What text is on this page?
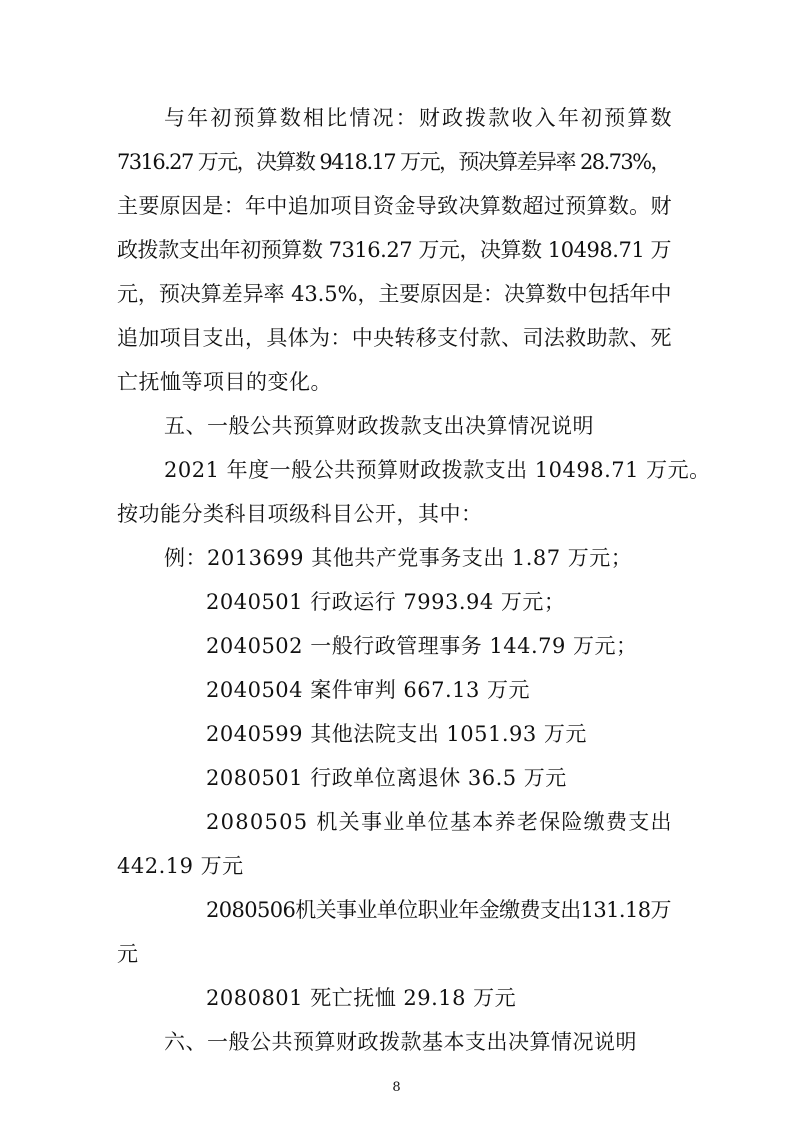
与年初预算数相比情况：财政拨款收入年初预算数
7316.27 万元，决算数 9418.17 万元，预决算差异率 28.73%，
主要原因是：年中追加项目资金导致决算数超过预算数。财
政拨款支出年初预算数 7316.27 万元，决算数 10498.71 万
元，预决算差异率 43.5%，主要原因是：决算数中包括年中
追加项目支出，具体为：中央转移支付款、司法救助款、死
亡抚恤等项目的变化。
五、一般公共预算财政拨款支出决算情况说明
2021 年度一般公共预算财政拨款支出 10498.71 万元。
按功能分类科目项级科目公开，其中：
例：2013699 其他共产党事务支出 1.87 万元；
2040501 行政运行 7993.94 万元；
2040502 一般行政管理事务 144.79 万元；
2040504 案件审判 667.13 万元
2040599 其他法院支出 1051.93 万元
2080501 行政单位离退休 36.5 万元
2080505 机关事业单位基本养老保险缴费支出
442.19 万元
2080506机关事业单位职业年金缴费支出131.18万
元
2080801 死亡抚恤 29.18 万元
六、一般公共预算财政拨款基本支出决算情况说明
8
